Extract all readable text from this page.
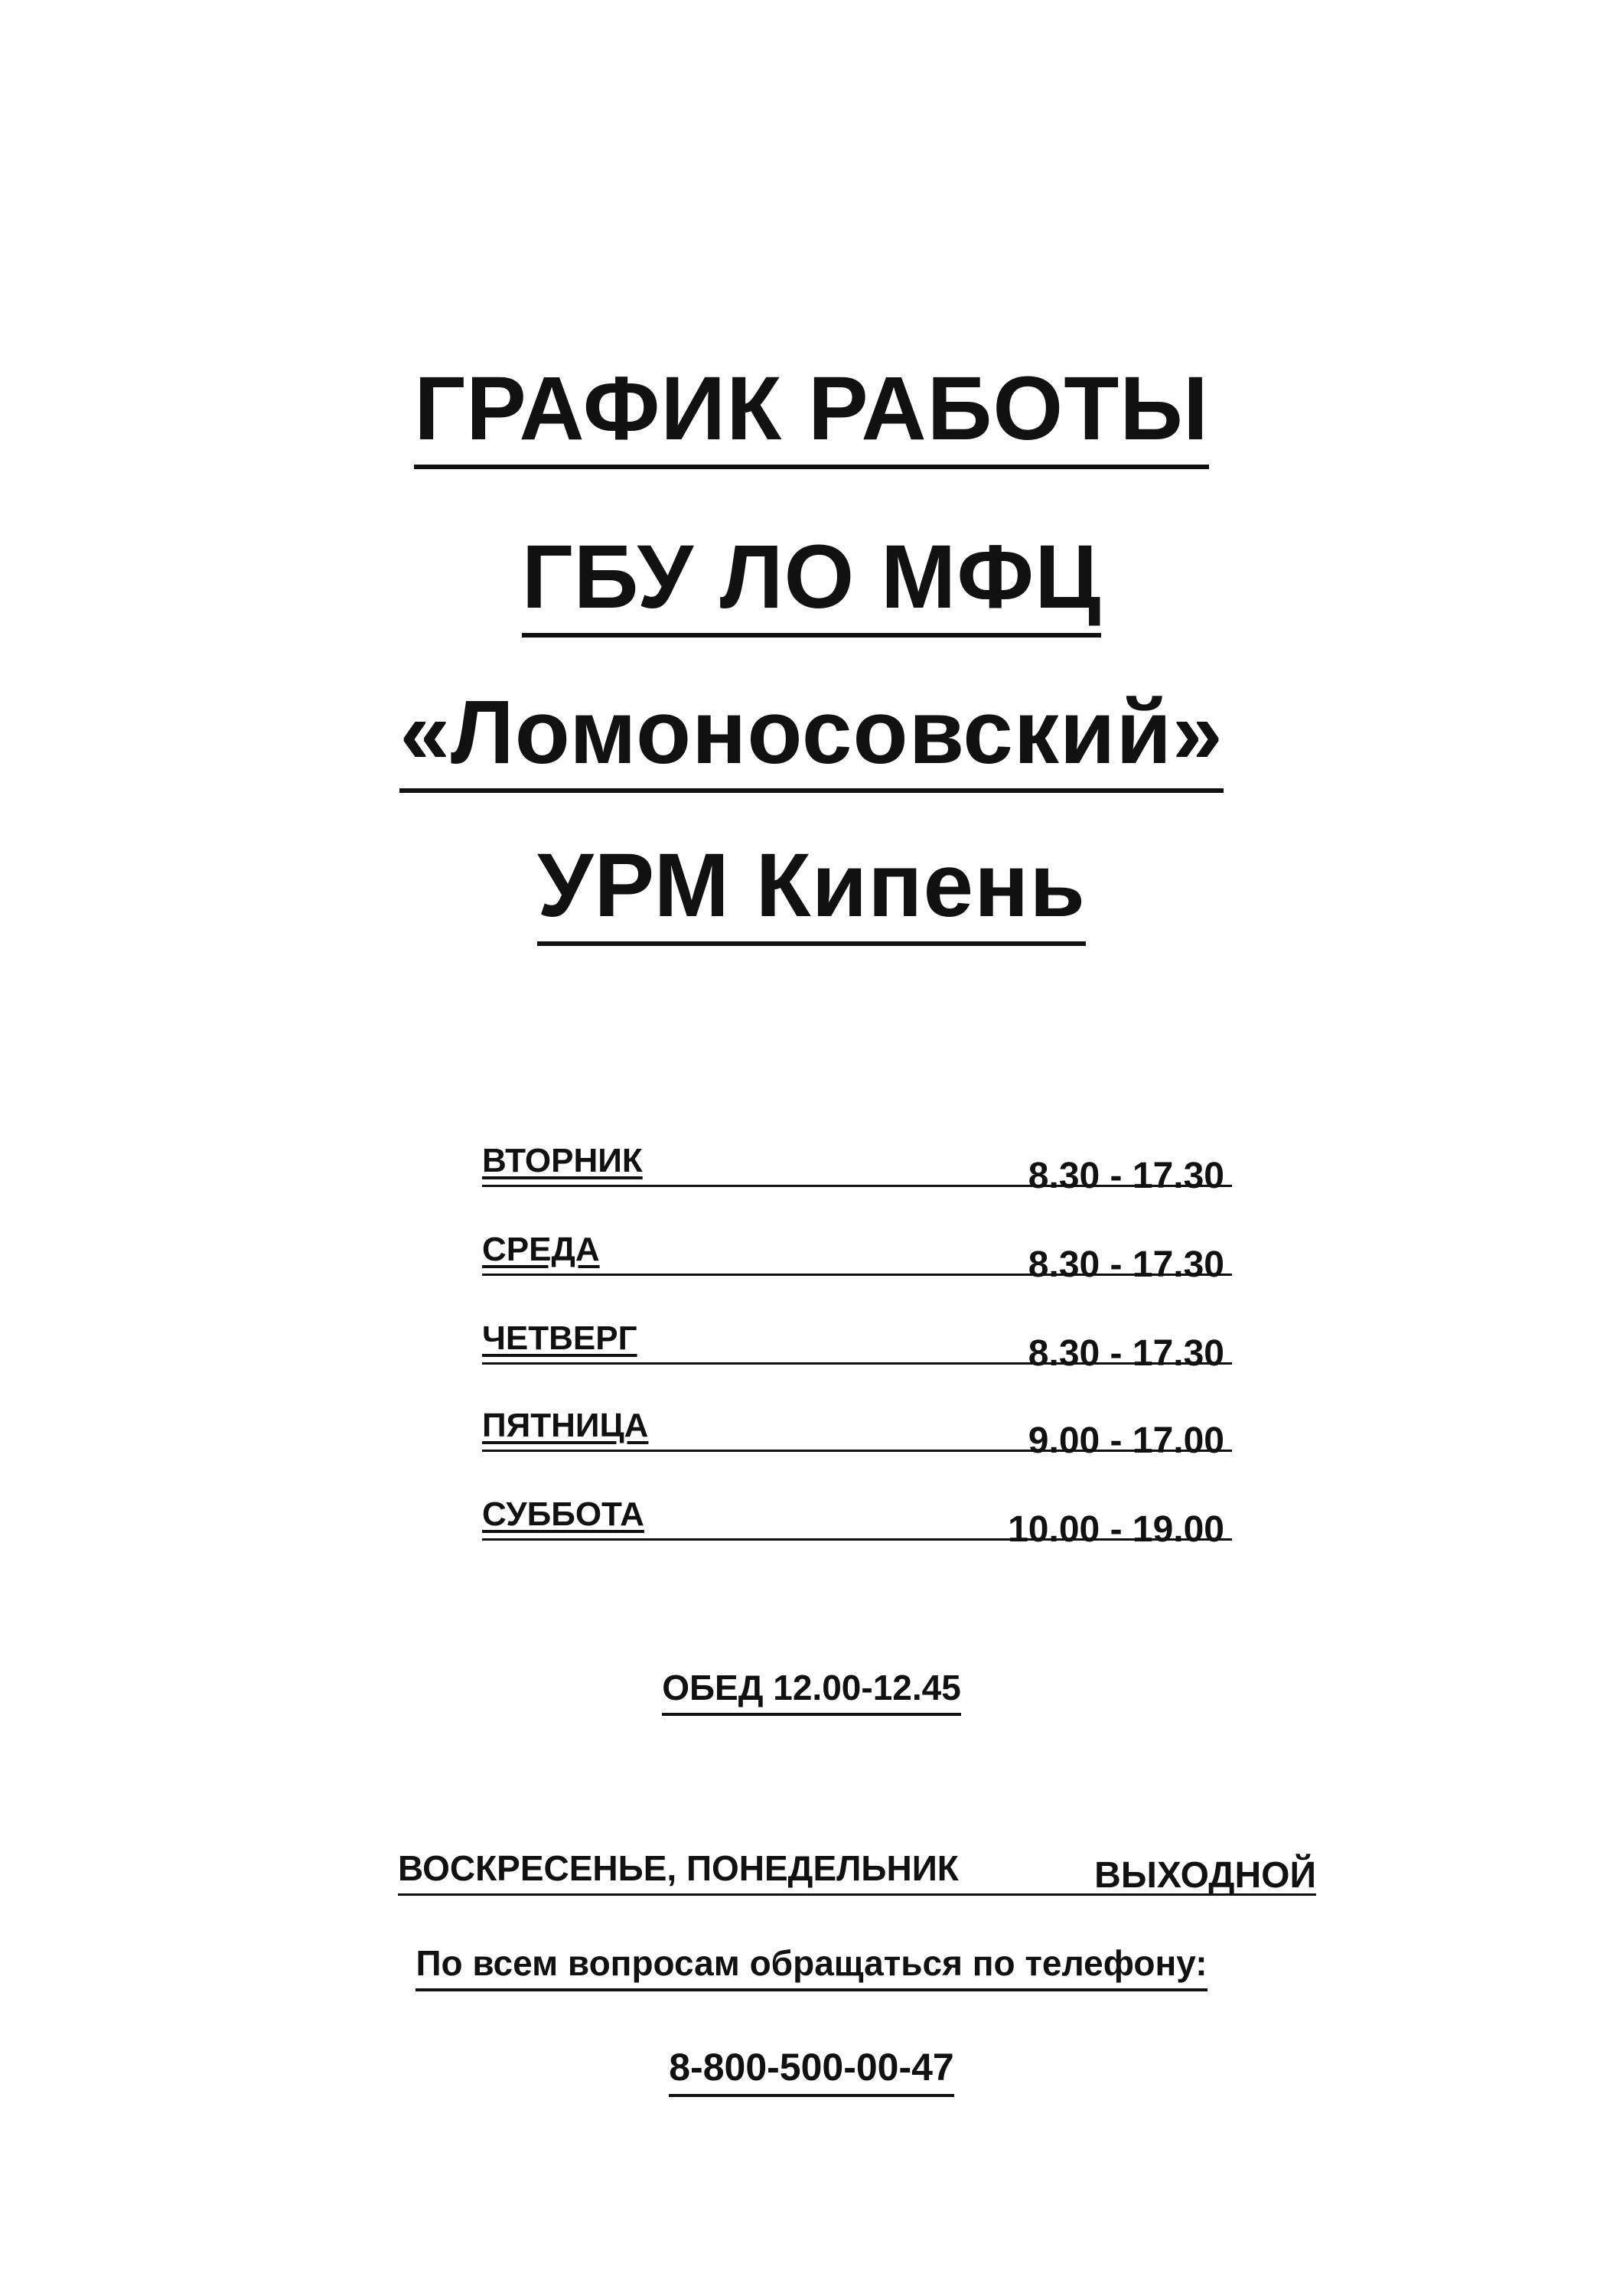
ГРАФИК РАБОТЫ
ГБУ ЛО МФЦ
«Ломоносовский»
УРМ Кипень
ВТОРНИК	8.30 - 17.30
СРЕДА	8.30 - 17.30
ЧЕТВЕРГ	8.30 - 17.30
ПЯТНИЦА	9.00 - 17.00
СУББОТА	10.00 - 19.00
ОБЕД 12.00-12.45
ВОСКРЕСЕНЬЕ, ПОНЕДЕЛЬНИК	ВЫХОДНОЙ
По всем вопросам обращаться по телефону:
8-800-500-00-47
